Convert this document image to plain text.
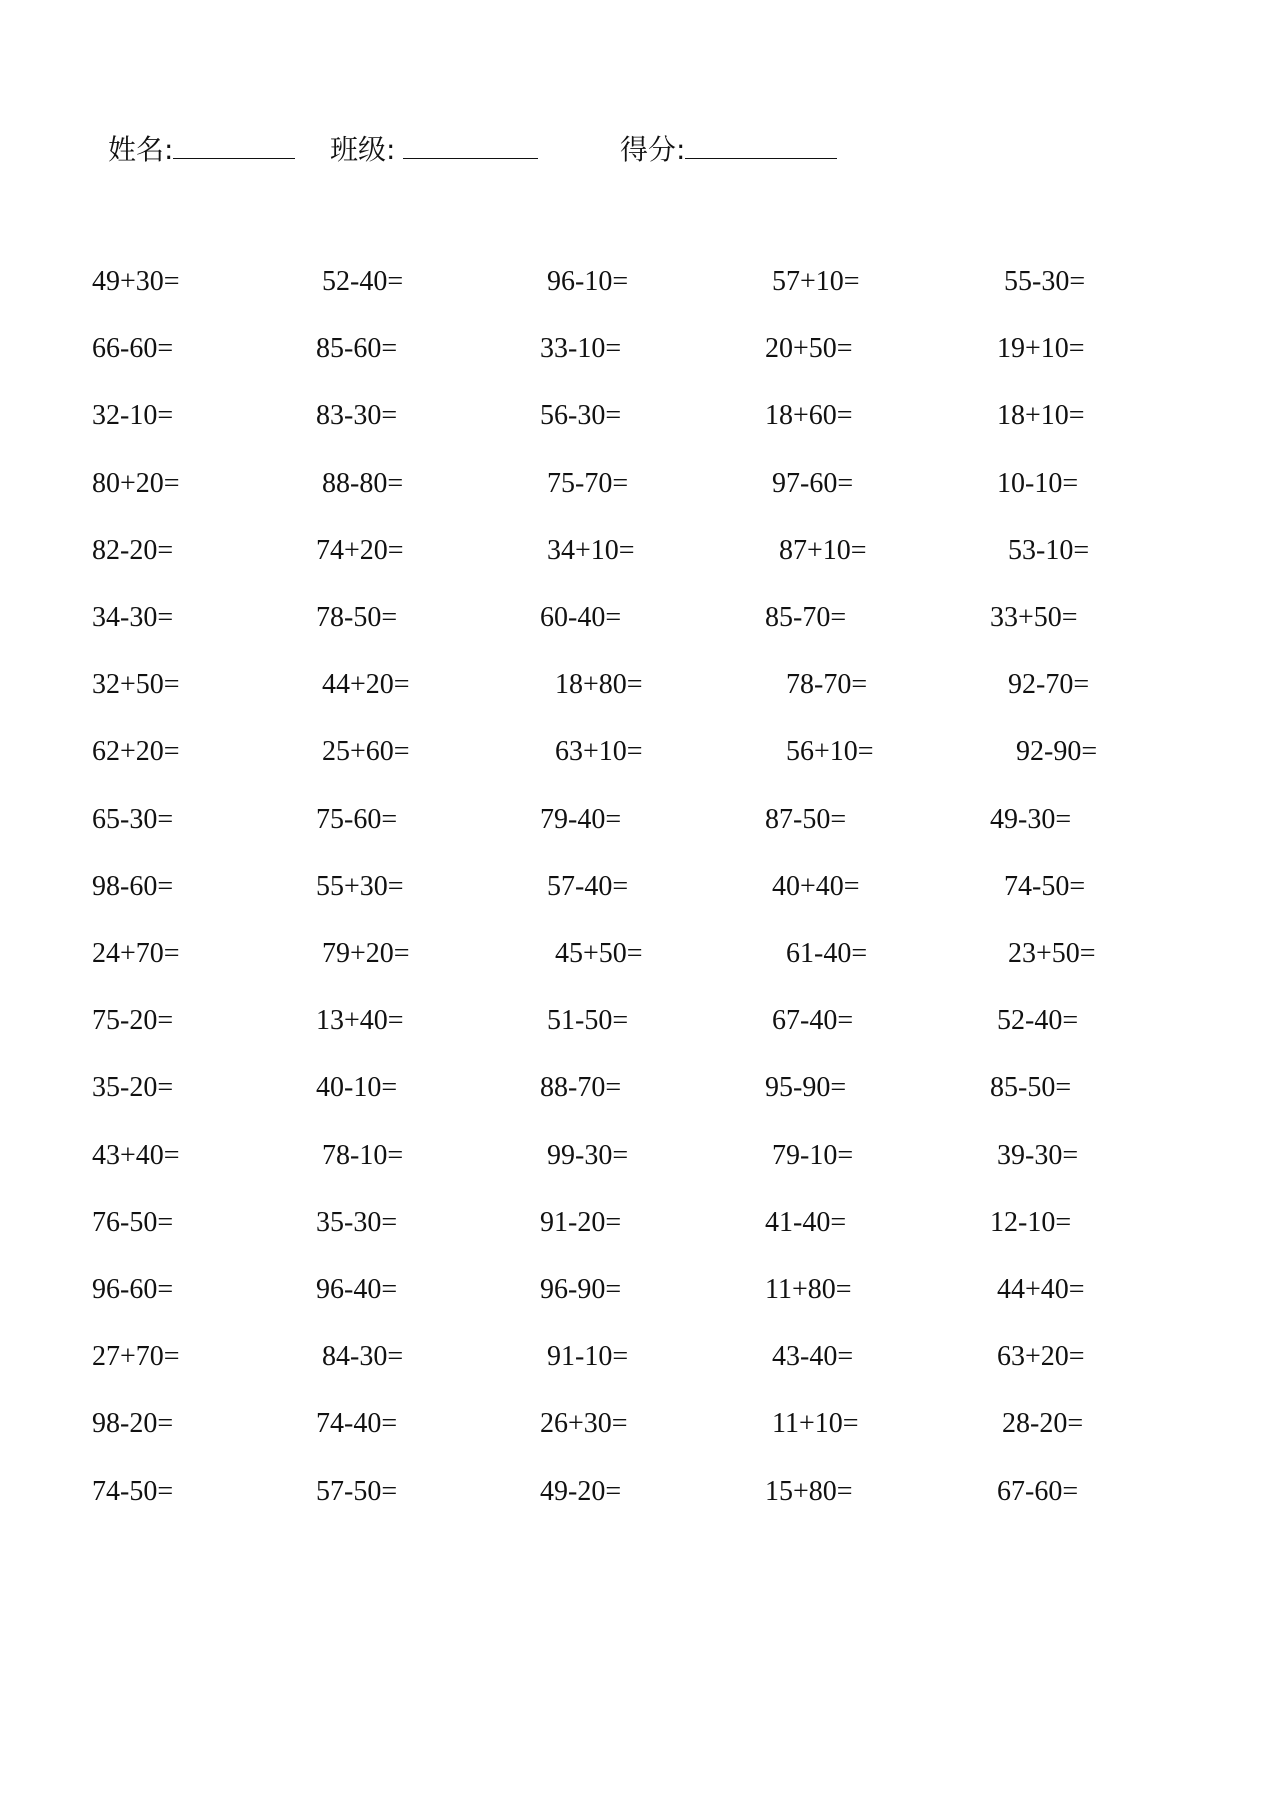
姓名:	班级:	得分:
49+30=	52-40=	96-10=	57+10=	55-30=
66-60=	85-60=	33-10=	20+50=	19+10=
32-10=	83-30=	56-30=	18+60=	18+10=
80+20=	88-80=	75-70=	97-60=	10-10=
82-20=	74+20=	34+10=	87+10=	53-10=
34-30=	78-50=	60-40=	85-70=	33+50=
32+50=	44+20=	18+80=	78-70=	92-70=
62+20=	25+60=	63+10=	56+10=	92-90=
65-30=	75-60=	79-40=	87-50=	49-30=
98-60=	55+30=	57-40=	40+40=	74-50=
24+70=	79+20=	45+50=	61-40=	23+50=
75-20=	13+40=	51-50=	67-40=	52-40=
35-20=	40-10=	88-70=	95-90=	85-50=
43+40=	78-10=	99-30=	79-10=	39-30=
76-50=	35-30=	91-20=	41-40=	12-10=
96-60=	96-40=	96-90=	11+80=	44+40=
27+70=	84-30=	91-10=	43-40=	63+20=
98-20=	74-40=	26+30=	11+10=	28-20=
74-50=	57-50=	49-20=	15+80=	67-60=
